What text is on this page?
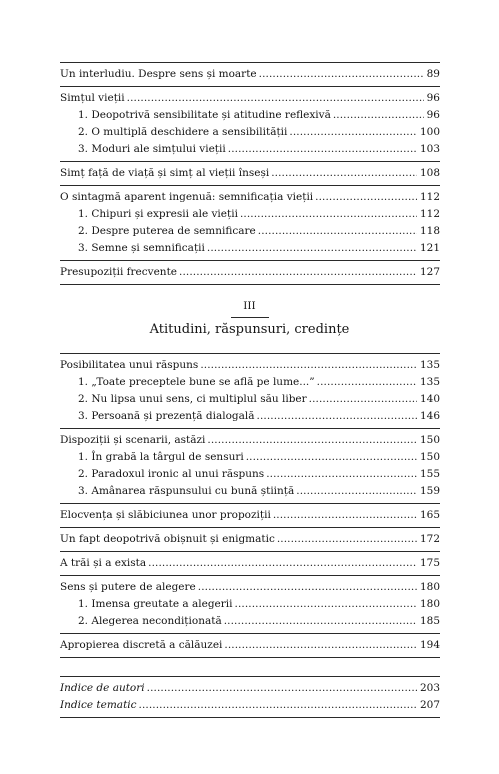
Un interludiu. Despre sens și moarte .....	89
Simțul vieții .....	96
1. Deopotrivă sensibilitate și atitudine reflexivă .....	96
2. O multiplă deschidere a sensibilității .....	100
3. Moduri ale simțului vieții .....	103
Simț față de viață și simț al vieții înseși .....	108
O sintagmă aparent ingenuă: semnificația vieții .....	112
1. Chipuri și expresii ale vieții .....	112
2. Despre puterea de semnificare .....	118
3. Semne și semnificații .....	121
Presupoziții frecvente .....	127
III
Atitudini, răspunsuri, credințe
Posibilitatea unui răspuns .....	135
1. „Toate preceptele bune se află pe lume...” .....	135
2. Nu lipsa unui sens, ci multiplul său liber .....	140
3. Persoană și prezență dialogală .....	146
Dispoziții și scenarii, astăzi .....	150
1. În grabă la târgul de sensuri .....	150
2. Paradoxul ironic al unui răspuns .....	155
3. Amânarea răspunsului cu bună știință .....	159
Elocvența și slăbiciunea unor propoziții .....	165
Un fapt deopotrivă obișnuit și enigmatic .....	172
A trăi și a exista .....	175
Sens și putere de alegere .....	180
1. Imensa greutate a alegerii .....	180
2. Alegerea necondiționată .....	185
Apropierea discretă a călăuzei .....	194
Indice de autori .....	203
Indice tematic .....	207
